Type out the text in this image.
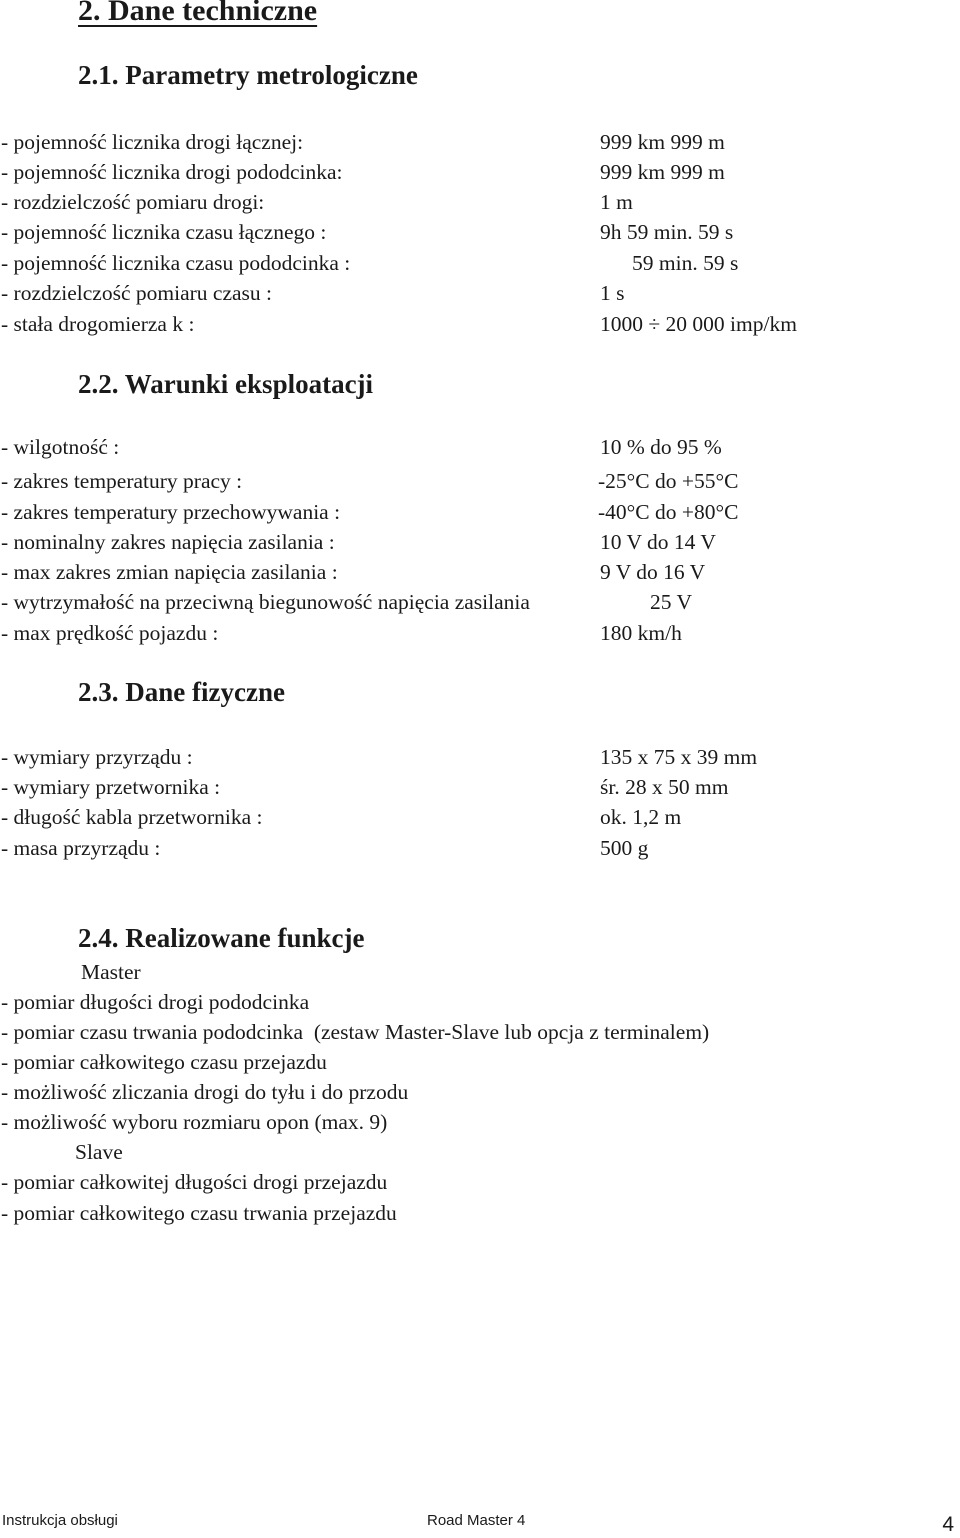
2. Dane techniczne
2.1. Parametry metrologiczne
- pojemność licznika drogi łącznej:	999 km 999 m
- pojemność licznika drogi pododcinka:	999 km 999 m
- rozdzielczość pomiaru drogi:	1 m
- pojemność licznika czasu łącznego :	9h 59 min. 59 s
- pojemność licznika czasu pododcinka :	59 min. 59 s
- rozdzielczość pomiaru czasu :	1 s
- stała drogomierza k :	1000 ÷ 20 000 imp/km
2.2. Warunki eksploatacji
- wilgotność :	10 % do 95 %
- zakres temperatury pracy :	-25°C do +55°C
- zakres temperatury przechowywania :	-40°C do +80°C
- nominalny zakres napięcia zasilania :	10 V do 14 V
- max zakres zmian napięcia zasilania :	9 V do 16 V
- wytrzymałość na przeciwną biegunowość napięcia zasilania	25 V
- max prędkość pojazdu :	180 km/h
2.3. Dane fizyczne
- wymiary przyrządu :	135 x 75 x 39 mm
- wymiary przetwornika :	śr. 28 x 50 mm
- długość kabla przetwornika :	ok. 1,2 m
- masa przyrządu :	500 g
2.4. Realizowane funkcje
Master
- pomiar długości drogi pododcinka
- pomiar czasu trwania pododcinka  (zestaw Master-Slave lub opcja z terminalem)
- pomiar całkowitego czasu przejazdu
- możliwość zliczania drogi do tyłu i do przodu
- możliwość wyboru rozmiaru opon (max. 9)
Slave
- pomiar całkowitej długości drogi przejazdu
- pomiar całkowitego czasu trwania przejazdu
Instrukcja obsługi	Road Master 4	4
